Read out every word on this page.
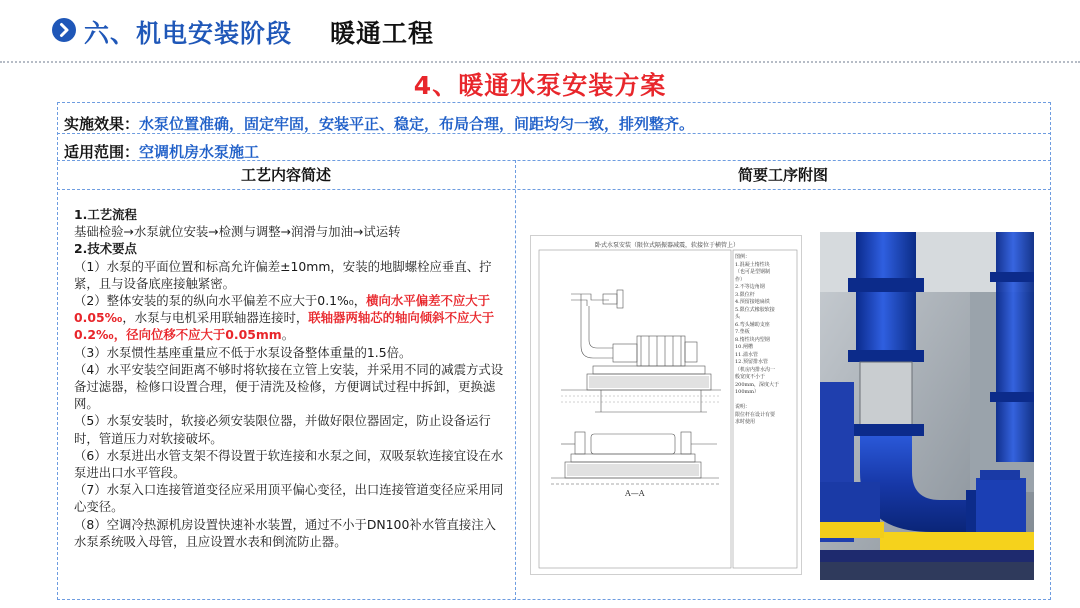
六、机电安装阶段 暖通工程
4、暖通水泵安装方案
实施效果：水泵位置准确，固定牢固，安装平正、稳定，布局合理，间距均匀一致，排列整齐。
适用范围：空调机房水泵施工
工艺内容简述	简要工序附图

1.工艺流程

基础检验→水泵就位安装→检测与调整→润滑与加油→试运转

2.技术要点

（1）水泵的平面位置和标高允许偏差±10mm，安装的地脚螺栓应垂直、拧紧，且与设备底座接触紧密。

（2）整体安装的泵的纵向水平偏差不应大于0.1%₀，横向水平偏差不应大于0.05%₀，水泵与电机采用联轴器连接时，联轴器两轴芯的轴向倾斜不应大于0.2%₀，径向位移不应大于0.05mm。

（3）水泵惯性基座重量应不低于水泵设备整体重量的1.5倍。

（4）水平安装空间距离不够时将软接在立管上安装，并采用不同的减震方式设备过滤器，检修口设置合理，便于清洗及检修，方便调试过程中拆卸，更换滤网。

（5）水泵安装时，软接必须安装限位器，并做好限位器固定，防止设备运行时，管道压力对软接破坏。

（6）水泵进出水管支架不得设置于软连接和水泵之间，双吸泵软连接宜设在水泵进出口水平管段。

（7）水泵入口连接管道变径应采用顶平偏心变径，出口连接管道变径应采用同心变径。

（8）空调冷热源机房设置快速补水装置，通过不小于DN100补水管直接注入水泵系统吸入母管，且应设置水表和倒流防止器。

卧式水泵安装（限位式隔振器减震，软接位于横管上）

图例：

1.混凝土惰性块

（也可是型钢制

作）

2.不等边角钢

3.限位杆

4.预留接地扁铁

5.限位式橡胶软接

头

6.弯头辅助支座

7.垫板

8.惰性块内型钢

10.闸槽

11.溢水管

12.预留排水管

（机房内排水沟一

般宽度不小于

200mm，深度大于

100mm）

说明：

限位杆在设计有要

求时使用

A—A
